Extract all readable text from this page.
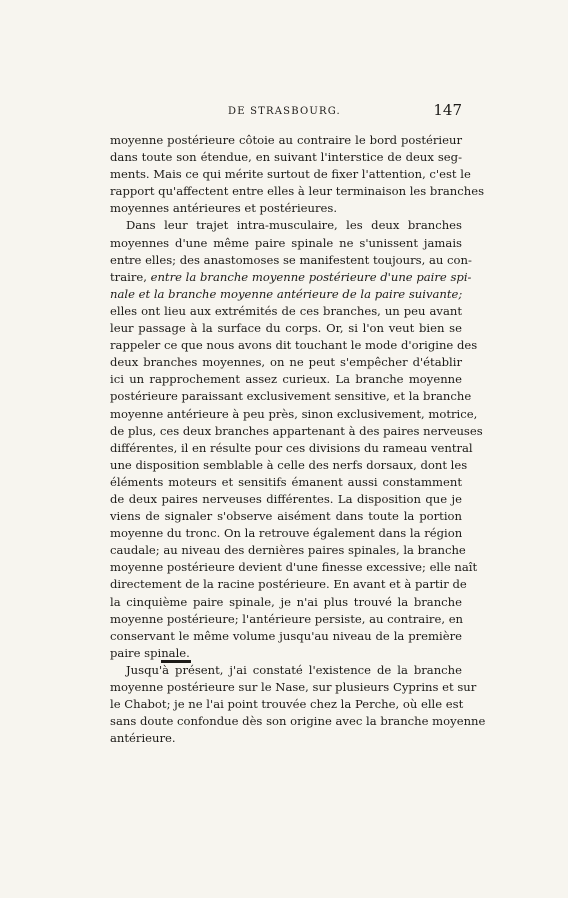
DE STRASBOURG.	147
moyenne postérieure côtoie au contraire le bord postérieur
dans toute son étendue, en suivant l'interstice de deux seg-
ments. Mais ce qui mérite surtout de fixer l'attention, c'est le
rapport qu'affectent entre elles à leur terminaison les branches
moyennes antérieures et postérieures.
Dans leur trajet intra-musculaire, les deux branches
moyennes d'une même paire spinale ne s'unissent jamais
entre elles; des anastomoses se manifestent toujours, au con-
traire, entre la branche moyenne postérieure d'une paire spi-
nale et la branche moyenne antérieure de la paire suivante;
elles ont lieu aux extrémités de ces branches, un peu avant
leur passage à la surface du corps. Or, si l'on veut bien se
rappeler ce que nous avons dit touchant le mode d'origine des
deux branches moyennes, on ne peut s'empêcher d'établir
ici un rapprochement assez curieux. La branche moyenne
postérieure paraissant exclusivement sensitive, et la branche
moyenne antérieure à peu près, sinon exclusivement, motrice,
de plus, ces deux branches appartenant à des paires nerveuses
différentes, il en résulte pour ces divisions du rameau ventral
une disposition semblable à celle des nerfs dorsaux, dont les
éléments moteurs et sensitifs émanent aussi constamment
de deux paires nerveuses différentes. La disposition que je
viens de signaler s'observe aisément dans toute la portion
moyenne du tronc. On la retrouve également dans la région
caudale; au niveau des dernières paires spinales, la branche
moyenne postérieure devient d'une finesse excessive; elle naît
directement de la racine postérieure. En avant et à partir de
la cinquième paire spinale, je n'ai plus trouvé la branche
moyenne postérieure; l'antérieure persiste, au contraire, en
conservant le même volume jusqu'au niveau de la première
paire spinale.
Jusqu'à présent, j'ai constaté l'existence de la branche
moyenne postérieure sur le Nase, sur plusieurs Cyprins et sur
le Chabot; je ne l'ai point trouvée chez la Perche, où elle est
sans doute confondue dès son origine avec la branche moyenne
antérieure.
